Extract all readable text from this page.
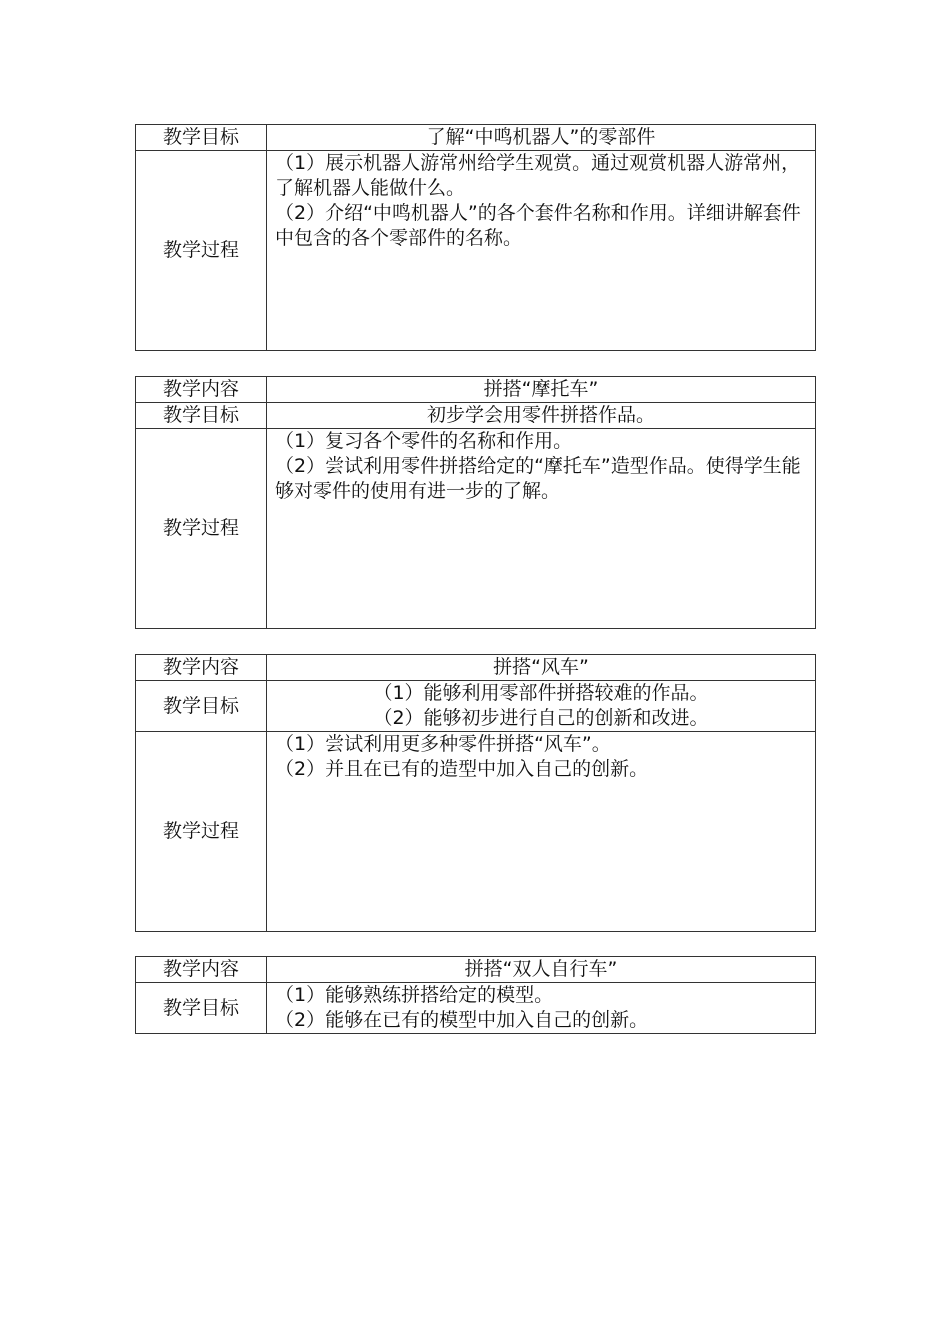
教学目标	了解“中鸣机器人”的零部件
教学过程	（1）展示机器人游常州给学生观赏。通过观赏机器人游常州，了解机器人能做什么。
（2）介绍“中鸣机器人”的各个套件名称和作用。详细讲解套件中包含的各个零部件的名称。
教学内容	拼搭“摩托车”
教学目标	初步学会用零件拼搭作品。
教学过程	（1）复习各个零件的名称和作用。
（2）尝试利用零件拼搭给定的“摩托车”造型作品。使得学生能够对零件的使用有进一步的了解。
教学内容	拼搭“风车”
教学目标	（1）能够利用零部件拼搭较难的作品。
（2）能够初步进行自己的创新和改进。

教学过程	（1）尝试利用更多种零件拼搭“风车”。
（2）并且在已有的造型中加入自己的创新。
教学内容	拼搭“双人自行车”
教学目标	（1）能够熟练拼搭给定的模型。
（2）能够在已有的模型中加入自己的创新。
